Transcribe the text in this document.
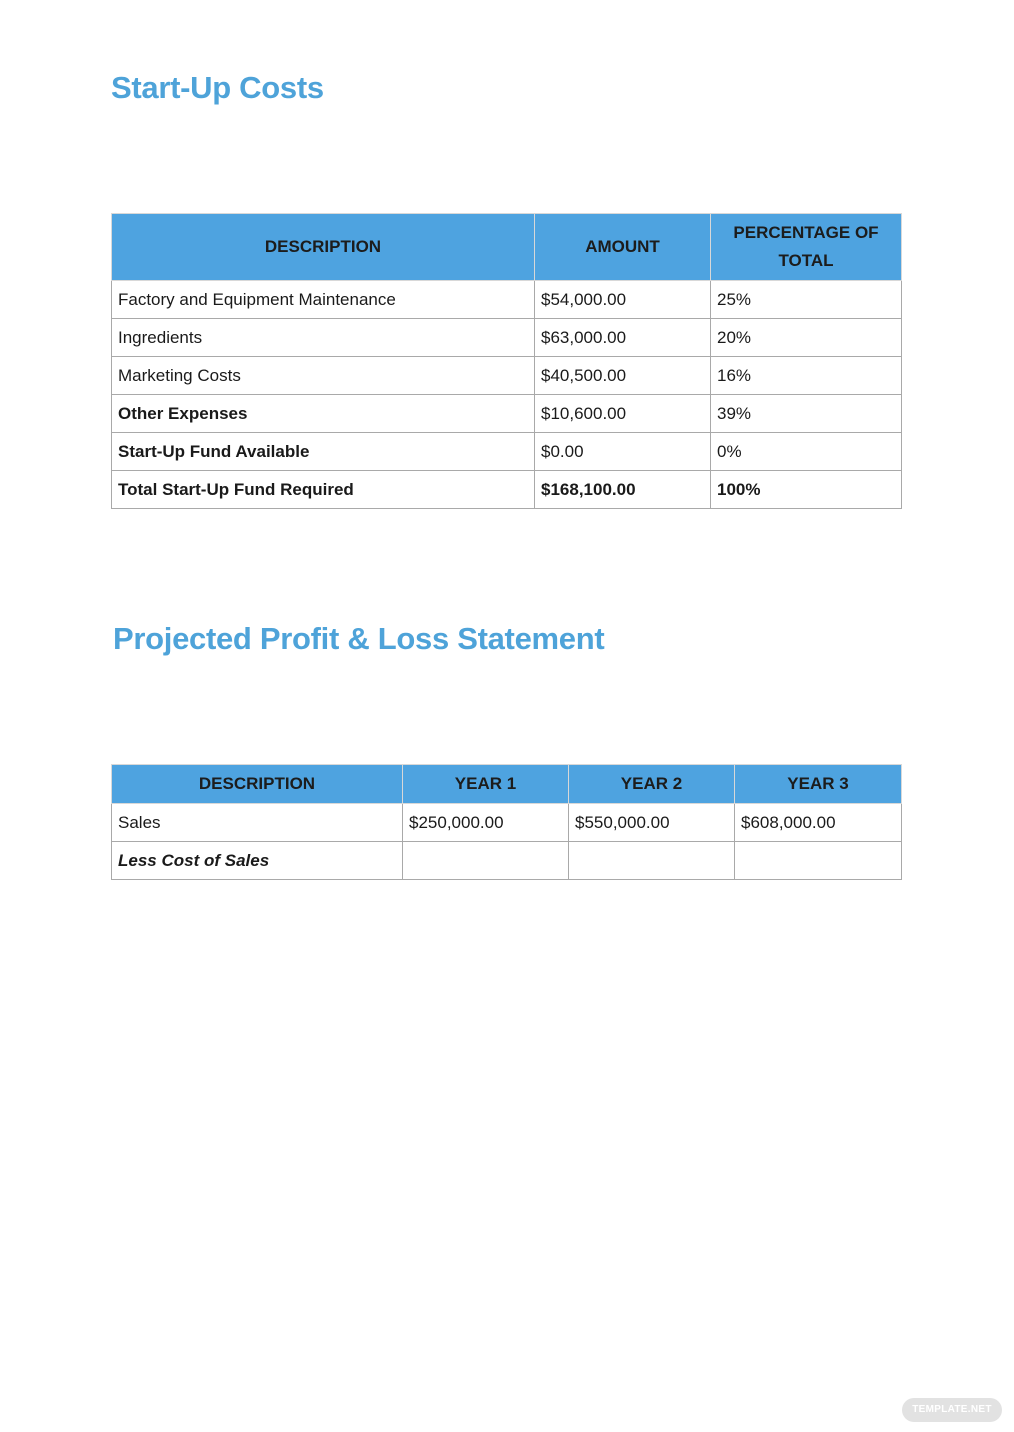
Start-Up Costs
DESCRIPTION	AMOUNT	PERCENTAGE OF TOTAL
Factory and Equipment Maintenance	$54,000.00	25%
Ingredients	$63,000.00	20%
Marketing Costs	$40,500.00	16%
Other Expenses	$10,600.00	39%
Start-Up Fund Available	$0.00	0%
Total Start-Up Fund Required	$168,100.00	100%
Projected Profit & Loss Statement
DESCRIPTION	YEAR 1	YEAR 2	YEAR 3
Sales	$250,000.00	$550,000.00	$608,000.00
Less Cost of Sales			
TEMPLATE.NET
